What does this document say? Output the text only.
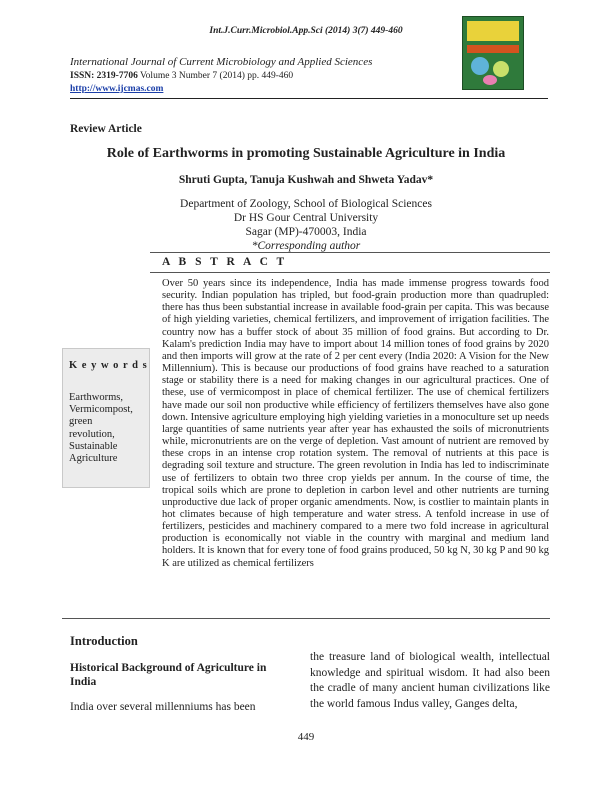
Int.J.Curr.Microbiol.App.Sci (2014) 3(7) 449-460
International Journal of Current Microbiology and Applied Sciences
ISSN: 2319-7706 Volume 3 Number 7 (2014) pp. 449-460
http://www.ijcmas.com
Review Article
Role of Earthworms in promoting Sustainable Agriculture in India
Shruti Gupta, Tanuja Kushwah and Shweta Yadav*
Department of Zoology, School of Biological Sciences
Dr HS Gour Central University
Sagar (MP)-470003, India
*Corresponding author
A B S T R A C T
K e y w o r d s
Earthworms,
Vermicompost,
green
revolution,
Sustainable
Agriculture
Over 50 years since its independence, India has made immense progress towards food security. Indian population has tripled, but food-grain production more than quadrupled: there has thus been substantial increase in available food-grain per capita. This was because of high yielding varieties, chemical fertilizers, and improvement of irrigation facilities. The country now has a buffer stock of about 35 million of food grains. But according to Dr. Kalam's prediction India may have to import about 14 million tones of food grains by 2020 and then imports will grow at the rate of 2 per cent every (India 2020: A Vision for the New Millennium). This is because our productions of food grains have reached to a saturation stage or stability there is a need for making changes in our agricultural practices. One of these, use of vermicompost in place of chemical fertilizer. The use of chemical fertilizers have made our soil non productive while efficiency of fertilizers themselves have also gone down. Intensive agriculture employing high yielding varieties in a monoculture set up needs large quantities of same nutrients year after year has exhausted the soils of micronutrients while, micronutrients are on the verge of depletion. Vast amount of nutrient are removed by these crops in an intense crop rotation system. The removal of nutrients at this pace is degrading soil texture and structure. The green revolution in India has led to indiscriminate use of fertilizers to obtain two three crop yields per annum. In the course of time, the tropical soils which are prone to depletion in carbon level and other nutrients are turning unproductive due lack of proper organic amendments. Now, is costlier to maintain plants in hot climates because of high temperature and water stress. A tenfold increase in use of fertilizers, pesticides and machinery compared to a mere two fold increase in agricultural production is economically not viable in the country with marginal and medium land holders. It is known that for every tone of food grains produced, 50 kg N, 30 kg P and 90 kg K are utilized as chemical fertilizers
Introduction
Historical Background of Agriculture in India
India over several millenniums has been
the treasure land of biological wealth, intellectual knowledge and spiritual wisdom. It had also been the cradle of many ancient human civilizations like the world famous Indus valley, Ganges delta,
449
